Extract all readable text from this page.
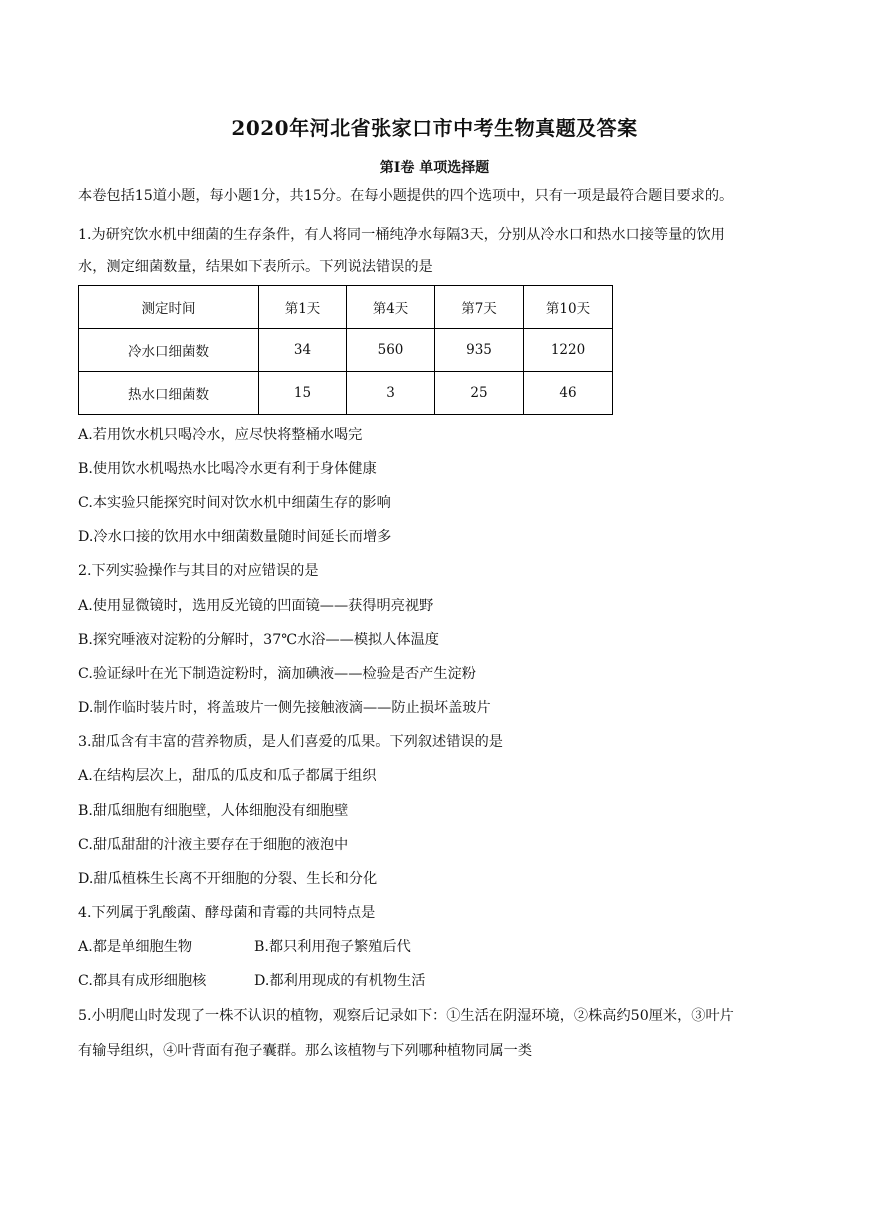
2020年河北省张家口市中考生物真题及答案
第Ⅰ卷 单项选择题
本卷包括15道小题，每小题1分，共15分。在每小题提供的四个选项中，只有一项是最符合题目要求的。
1.为研究饮水机中细菌的生存条件，有人将同一桶纯净水每隔3天，分别从冷水口和热水口接等量的饮用
水，测定细菌数量，结果如下表所示。下列说法错误的是
测定时间	第1天	第4天	第7天	第10天
冷水口细菌数	34	560	935	1220
热水口细菌数	15	3	25	46
A.若用饮水机只喝冷水，应尽快将整桶水喝完
B.使用饮水机喝热水比喝冷水更有利于身体健康
C.本实验只能探究时间对饮水机中细菌生存的影响
D.冷水口接的饮用水中细菌数量随时间延长而增多
2.下列实验操作与其目的对应错误的是
A.使用显微镜时，选用反光镜的凹面镜——获得明亮视野
B.探究唾液对淀粉的分解时，37℃水浴——模拟人体温度
C.验证绿叶在光下制造淀粉时，滴加碘液——检验是否产生淀粉
D.制作临时装片时，将盖玻片一侧先接触液滴——防止损坏盖玻片
3.甜瓜含有丰富的营养物质，是人们喜爱的瓜果。下列叙述错误的是
A.在结构层次上，甜瓜的瓜皮和瓜子都属于组织
B.甜瓜细胞有细胞壁，人体细胞没有细胞壁
C.甜瓜甜甜的汁液主要存在于细胞的液泡中
D.甜瓜植株生长离不开细胞的分裂、生长和分化
4.下列属于乳酸菌、酵母菌和青霉的共同特点是
A.都是单细胞生物	B.都只利用孢子繁殖后代
C.都具有成形细胞核	D.都利用现成的有机物生活
5.小明爬山时发现了一株不认识的植物，观察后记录如下：①生活在阴湿环境，②株高约50厘米，③叶片
有输导组织，④叶背面有孢子囊群。那么该植物与下列哪种植物同属一类
